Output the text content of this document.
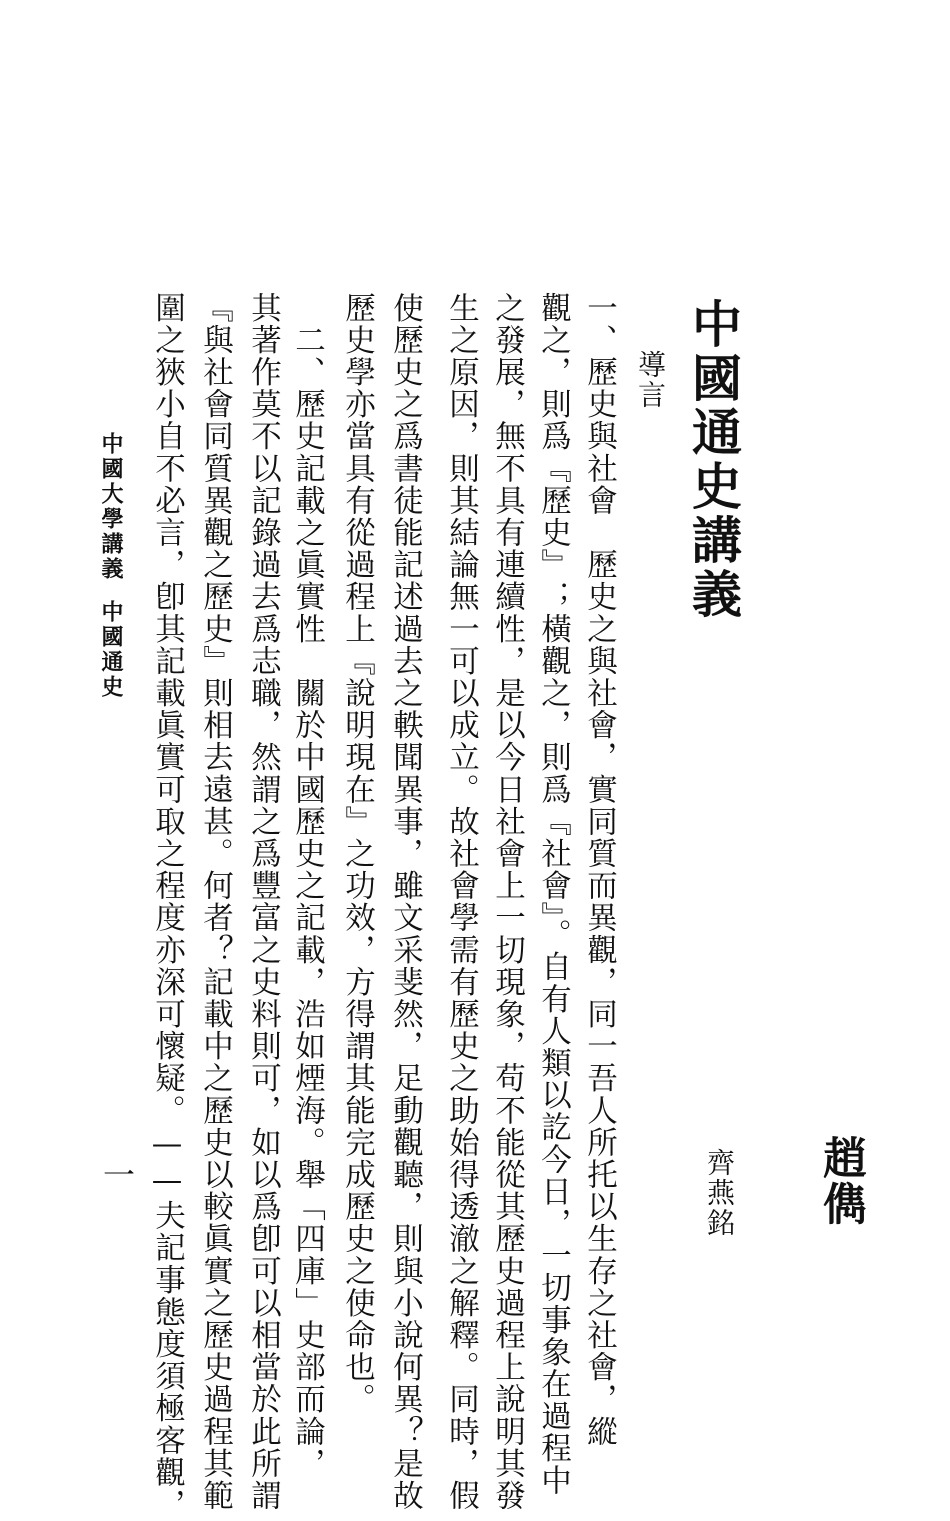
中國通史講義
趙儁
齊燕銘
導言
一、歷史與社會　歷史之與社會，實同質而異觀，同一吾人所托以生存之社會，縱
觀之，則爲『歷史』；橫觀之，則爲『社會』。自有人類以訖今日，一切事象在過程中
之發展，無不具有連續性，是以今日社會上一切現象，苟不能從其歷史過程上說明其發
生之原因，則其結論無一可以成立。故社會學需有歷史之助始得透澈之解釋。同時，假
使歷史之爲書徒能記述過去之軼聞異事，雖文采斐然，足動觀聽，則與小說何異？是故
歷史學亦當具有從過程上『說明現在』之功效，方得謂其能完成歷史之使命也。
　二、歷史記載之眞實性　關於中國歷史之記載，浩如煙海。舉「四庫」史部而論，
其著作莫不以記錄過去爲志職，然謂之爲豐富之史料則可，如以爲卽可以相當於此所謂
『與社會同質異觀之歷史』則相去遠甚。何者？記載中之歷史以較眞實之歷史過程其範
圍之狹小自不必言，卽其記載眞實可取之程度亦深可懷疑。——夫記事態度須極客觀，
中國大學講義
中國通史
一
